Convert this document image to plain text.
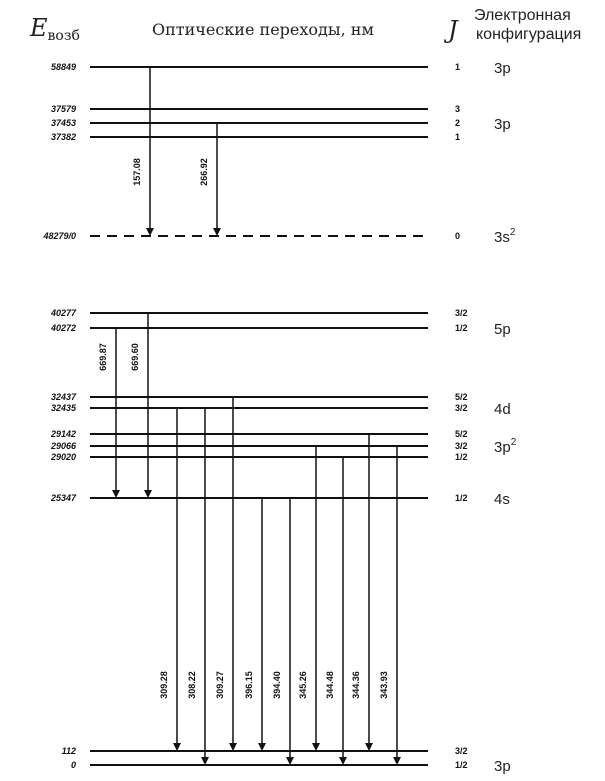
$E_{возб}$	Оптические переходы, нм	J
Электронная
конфигурация
58849	1 3p
37579	3
37453	2 3p
37382	1
48279/0	0 $3s^2$
40277	3/2
40272	1/2 5p
32437	5/2
32435	3/2 4d
29142	5/2
29066	3/2 $3p^2$
29020	1/2
25347	1/2 4s
112	3/2
0	1/2 3p
157.08	266.92
669.87 669.60
309.28 308.22 309.27 396.15 394.40 345.26 344.48 344.36 343.93
